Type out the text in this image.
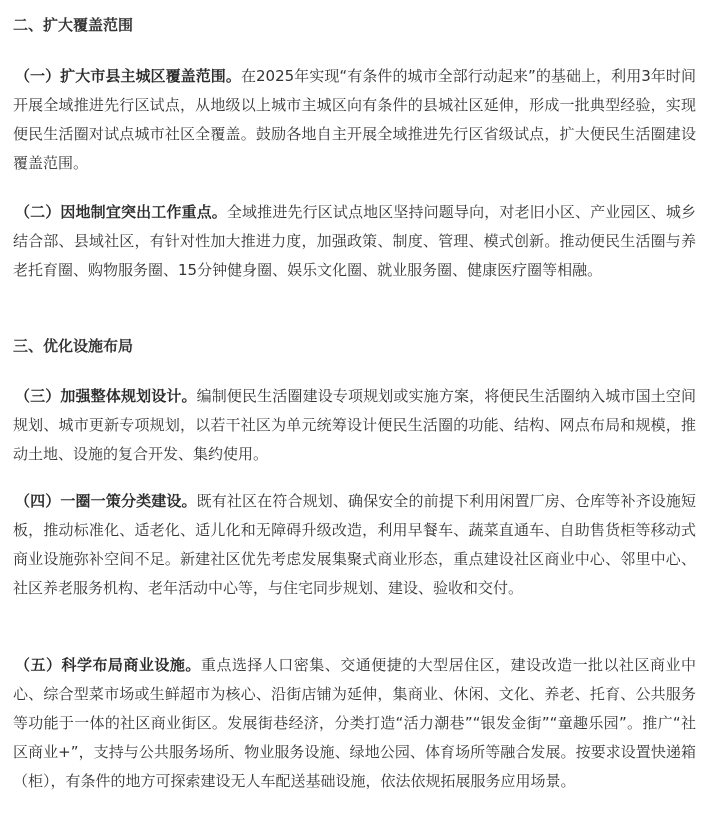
二、扩大覆盖范围

（一）扩大市县主城区覆盖范围。在2025年实现“有条件的城市全部行动起来”的基础上，利用3年时间开展全域推进先行区试点，从地级以上城市主城区向有条件的县城社区延伸，形成一批典型经验，实现便民生活圈对试点城市社区全覆盖。鼓励各地自主开展全域推进先行区省级试点，扩大便民生活圈建设覆盖范围。

（二）因地制宜突出工作重点。全域推进先行区试点地区坚持问题导向，对老旧小区、产业园区、城乡结合部、县域社区，有针对性加大推进力度，加强政策、制度、管理、模式创新。推动便民生活圈与养老托育圈、购物服务圈、15分钟健身圈、娱乐文化圈、就业服务圈、健康医疗圈等相融。

三、优化设施布局

（三）加强整体规划设计。编制便民生活圈建设专项规划或实施方案，将便民生活圈纳入城市国土空间规划、城市更新专项规划，以若干社区为单元统筹设计便民生活圈的功能、结构、网点布局和规模，推动土地、设施的复合开发、集约使用。

（四）一圈一策分类建设。既有社区在符合规划、确保安全的前提下利用闲置厂房、仓库等补齐设施短板，推动标准化、适老化、适儿化和无障碍升级改造，利用早餐车、蔬菜直通车、自助售货柜等移动式商业设施弥补空间不足。新建社区优先考虑发展集聚式商业形态，重点建设社区商业中心、邻里中心、社区养老服务机构、老年活动中心等，与住宅同步规划、建设、验收和交付。

（五）科学布局商业设施。重点选择人口密集、交通便捷的大型居住区，建设改造一批以社区商业中心、综合型菜市场或生鲜超市为核心、沿街店铺为延伸，集商业、休闲、文化、养老、托育、公共服务等功能于一体的社区商业街区。发展街巷经济，分类打造“活力潮巷”“银发金街”“童趣乐园”。推广“社区商业+”，支持与公共服务场所、物业服务设施、绿地公园、体育场所等融合发展。按要求设置快递箱（柜），有条件的地方可探索建设无人车配送基础设施，依法依规拓展服务应用场景。
